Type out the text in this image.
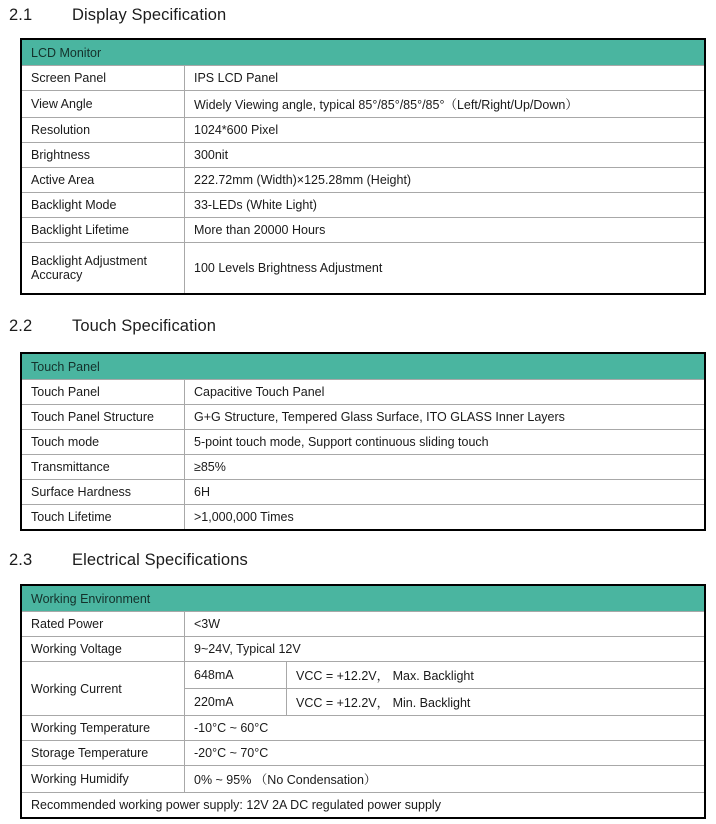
2.1	Display Specification
LCD Monitor
Screen Panel	IPS LCD Panel
View Angle	Widely Viewing angle, typical 85°/85°/85°/85°（Left/Right/Up/Down）
Resolution	1024*600 Pixel
Brightness	300nit
Active Area	222.72mm (Width)×125.28mm (Height)
Backlight Mode	33-LEDs (White Light)
Backlight Lifetime	More than 20000 Hours
Backlight Adjustment Accuracy	100 Levels Brightness Adjustment
2.2	Touch Specification
Touch Panel
Touch Panel	Capacitive Touch Panel
Touch Panel Structure	G+G Structure, Tempered Glass Surface, ITO GLASS Inner Layers
Touch mode	5-point touch mode, Support continuous sliding touch
Transmittance	≥85%
Surface Hardness	6H
Touch Lifetime	>1,000,000 Times
2.3	Electrical Specifications
Working Environment
Rated Power	<3W
Working Voltage	9~24V, Typical 12V
Working Current
648mA	VCC = +12.2V， Max. Backlight
220mA	VCC = +12.2V， Min. Backlight
Working Temperature	-10°C ~ 60°C
Storage Temperature	-20°C ~ 70°C
Working Humidify	0% ~ 95% （No Condensation）
Recommended working power supply: 12V 2A DC regulated power supply
